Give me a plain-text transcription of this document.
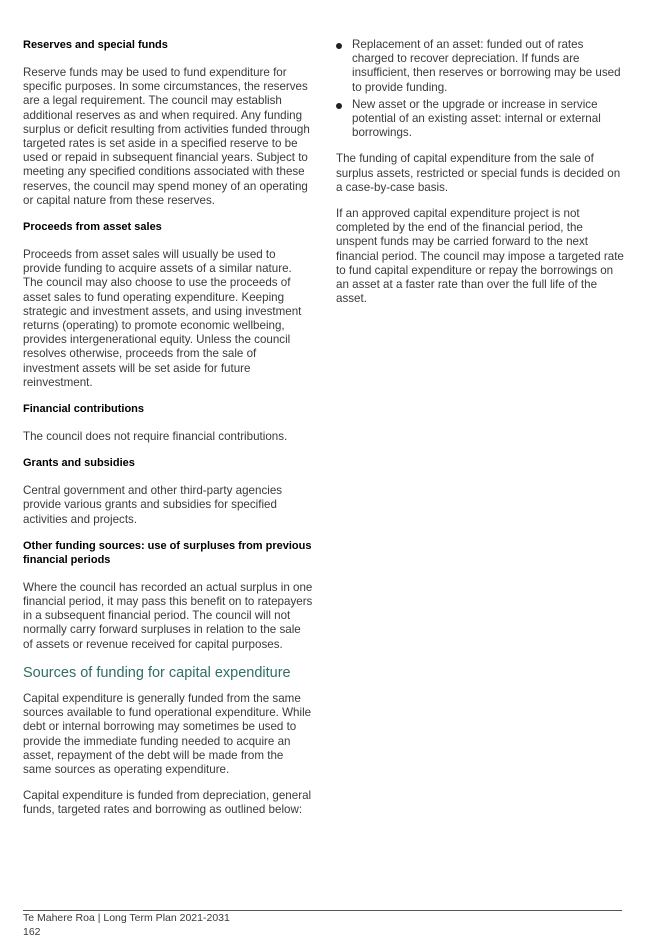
Reserves and special funds

Reserve funds may be used to fund expenditure for specific purposes. In some circumstances, the reserves are a legal requirement. The council may establish additional reserves as and when required. Any funding surplus or deficit resulting from activities funded through targeted rates is set aside in a specified reserve to be used or repaid in subsequent financial years. Subject to meeting any specified conditions associated with these reserves, the council may spend money of an operating or capital nature from these reserves.

Proceeds from asset sales

Proceeds from asset sales will usually be used to provide funding to acquire assets of a similar nature. The council may also choose to use the proceeds of asset sales to fund operating expenditure. Keeping strategic and investment assets, and using investment returns (operating) to promote economic wellbeing, provides intergenerational equity. Unless the council resolves otherwise, proceeds from the sale of investment assets will be set aside for future reinvestment.

Financial contributions

The council does not require financial contributions.

Grants and subsidies

Central government and other third-party agencies provide various grants and subsidies for specified activities and projects.

Other funding sources: use of surpluses from previous financial periods

Where the council has recorded an actual surplus in one financial period, it may pass this benefit on to ratepayers in a subsequent financial period. The council will not normally carry forward surpluses in relation to the sale of assets or revenue received for capital purposes.

Sources of funding for capital expenditure

Capital expenditure is generally funded from the same sources available to fund operational expenditure. While debt or internal borrowing may sometimes be used to provide the immediate funding needed to acquire an asset, repayment of the debt will be made from the same sources as operating expenditure.

Capital expenditure is funded from depreciation, general funds, targeted rates and borrowing as outlined below:

Replacement of an asset: funded out of rates charged to recover depreciation. If funds are insufficient, then reserves or borrowing may be used to provide funding.
New asset or the upgrade or increase in service potential of an existing asset: internal or external borrowings.

The funding of capital expenditure from the sale of surplus assets, restricted or special funds is decided on a case-by-case basis.

If an approved capital expenditure project is not completed by the end of the financial period, the unspent funds may be carried forward to the next financial period. The council may impose a targeted rate to fund capital expenditure or repay the borrowings on an asset at a faster rate than over the full life of the asset.

Te Mahere Roa | Long Term Plan 2021-2031
162
